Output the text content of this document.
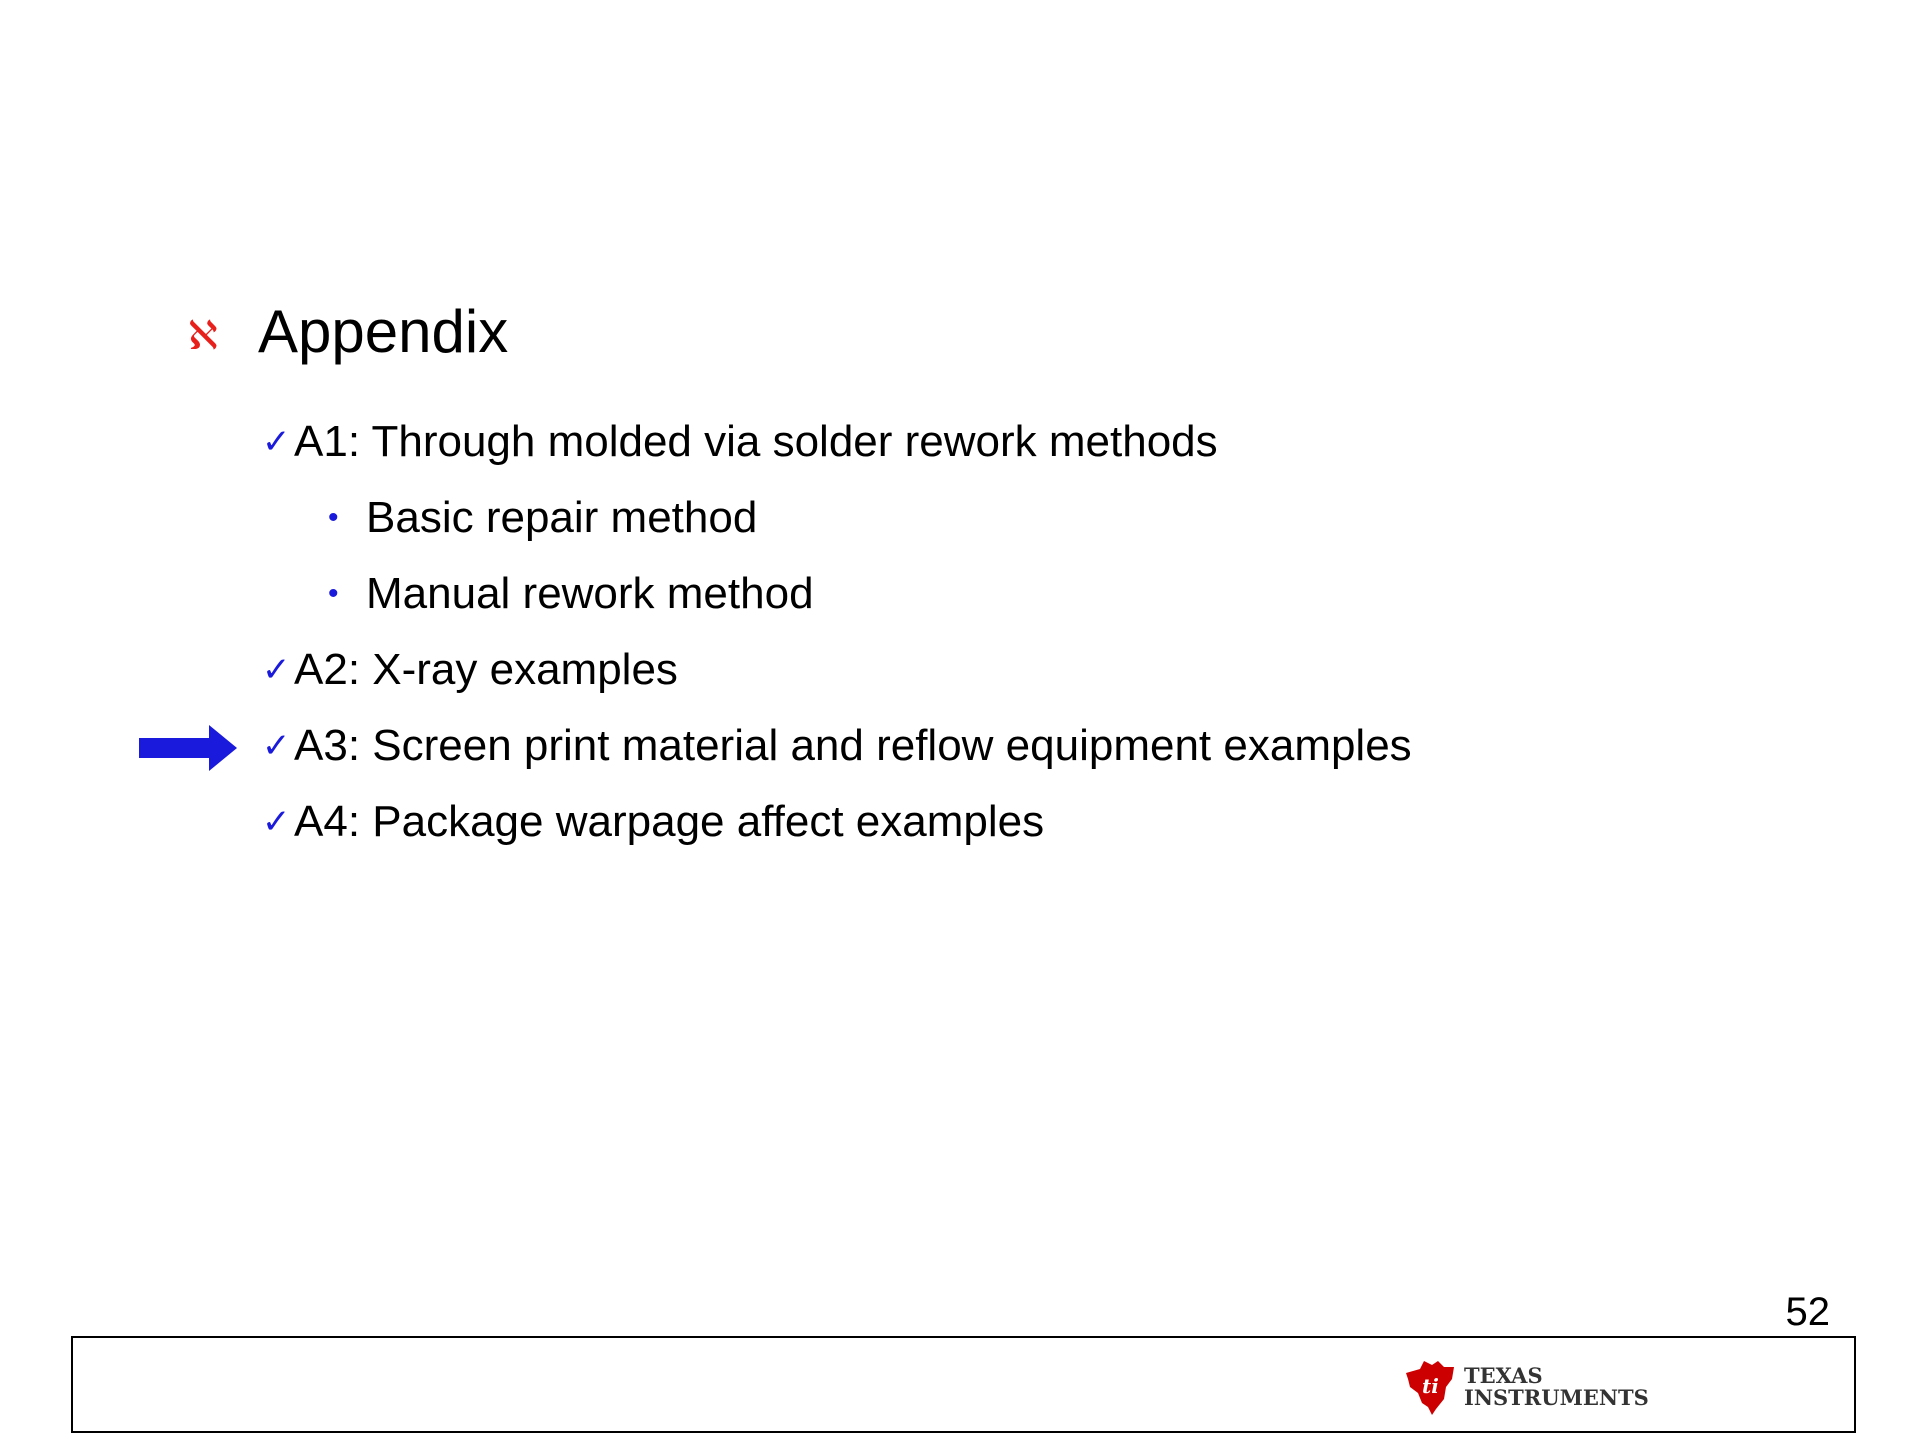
ℵ Appendix
✓ A1: Through molded via solder rework methods
• Basic repair method
• Manual rework method
✓ A2: X-ray examples
✓ A3: Screen print material and reflow equipment examples
✓ A4: Package warpage affect examples
52
ti TEXAS
INSTRUMENTS
